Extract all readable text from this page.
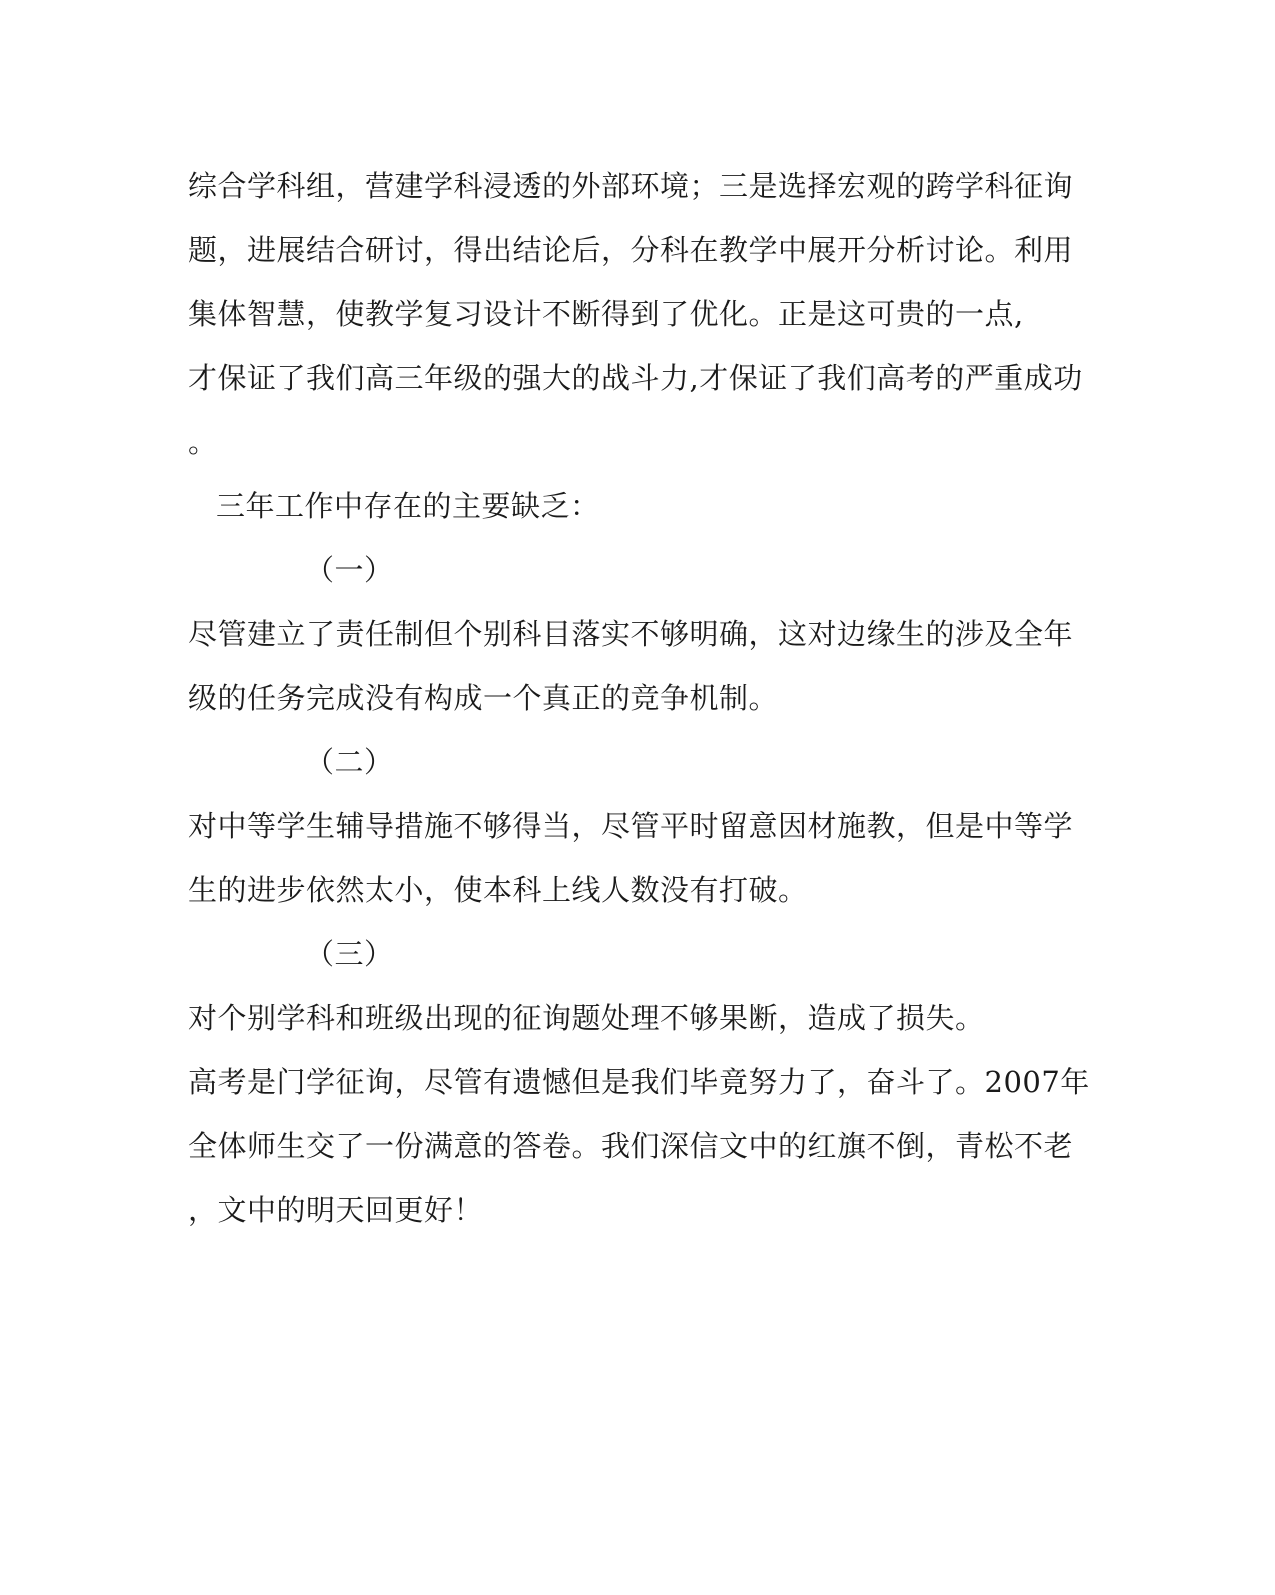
综合学科组，营建学科浸透的外部环境；三是选择宏观的跨学科征询
题，进展结合研讨，得出结论后，分科在教学中展开分析讨论。利用
集体智慧，使教学复习设计不断得到了优化。正是这可贵的一点,
才保证了我们高三年级的强大的战斗力,才保证了我们高考的严重成功
。
三年工作中存在的主要缺乏：
（一）
尽管建立了责任制但个别科目落实不够明确，这对边缘生的涉及全年
级的任务完成没有构成一个真正的竞争机制。
（二）
对中等学生辅导措施不够得当，尽管平时留意因材施教，但是中等学
生的进步依然太小，使本科上线人数没有打破。
（三）
对个别学科和班级出现的征询题处理不够果断，造成了损失。
高考是门学征询，尽管有遗憾但是我们毕竟努力了，奋斗了。2007年
全体师生交了一份满意的答卷。我们深信文中的红旗不倒，青松不老
，文中的明天回更好！
